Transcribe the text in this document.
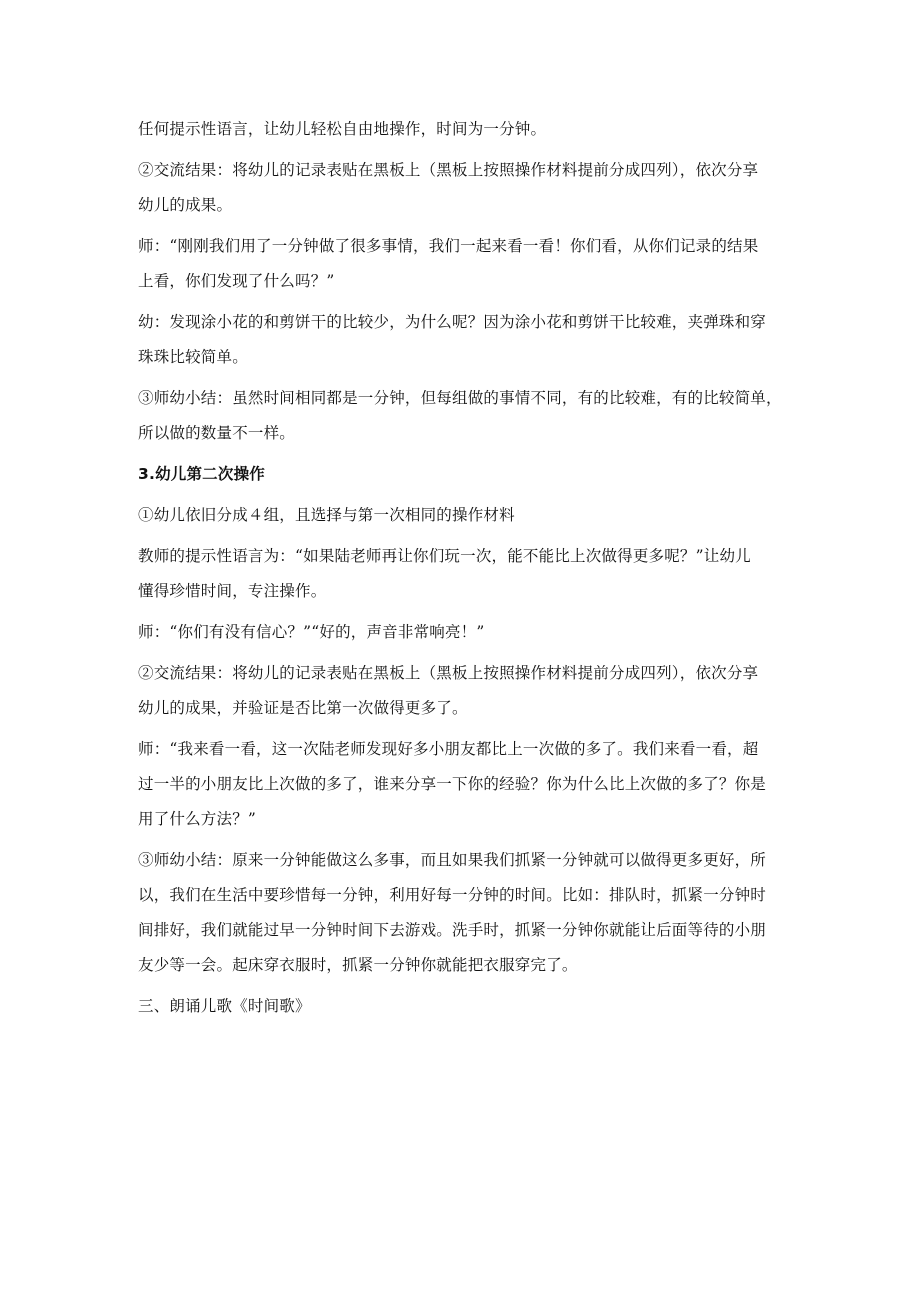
任何提示性语言，让幼儿轻松自由地操作，时间为一分钟。
②交流结果：将幼儿的记录表贴在黑板上（黑板上按照操作材料提前分成四列），依次分享
幼儿的成果。
师：“刚刚我们用了一分钟做了很多事情，我们一起来看一看！你们看，从你们记录的结果
上看，你们发现了什么吗？”
幼：发现涂小花的和剪饼干的比较少，为什么呢？因为涂小花和剪饼干比较难，夹弹珠和穿
珠珠比较简单。
③师幼小结：虽然时间相同都是一分钟，但每组做的事情不同，有的比较难，有的比较简单，
所以做的数量不一样。
3.幼儿第二次操作
①幼儿依旧分成４组，且选择与第一次相同的操作材料
教师的提示性语言为：“如果陆老师再让你们玩一次，能不能比上次做得更多呢？”让幼儿
懂得珍惜时间，专注操作。
师：“你们有没有信心？”“好的，声音非常响亮！”
②交流结果：将幼儿的记录表贴在黑板上（黑板上按照操作材料提前分成四列），依次分享
幼儿的成果，并验证是否比第一次做得更多了。
师：“我来看一看，这一次陆老师发现好多小朋友都比上一次做的多了。我们来看一看，超
过一半的小朋友比上次做的多了，谁来分享一下你的经验？你为什么比上次做的多了？你是
用了什么方法？”
③师幼小结：原来一分钟能做这么多事，而且如果我们抓紧一分钟就可以做得更多更好，所
以，我们在生活中要珍惜每一分钟，利用好每一分钟的时间。比如：排队时，抓紧一分钟时
间排好，我们就能过早一分钟时间下去游戏。洗手时，抓紧一分钟你就能让后面等待的小朋
友少等一会。起床穿衣服时，抓紧一分钟你就能把衣服穿完了。
三、朗诵儿歌《时间歌》
